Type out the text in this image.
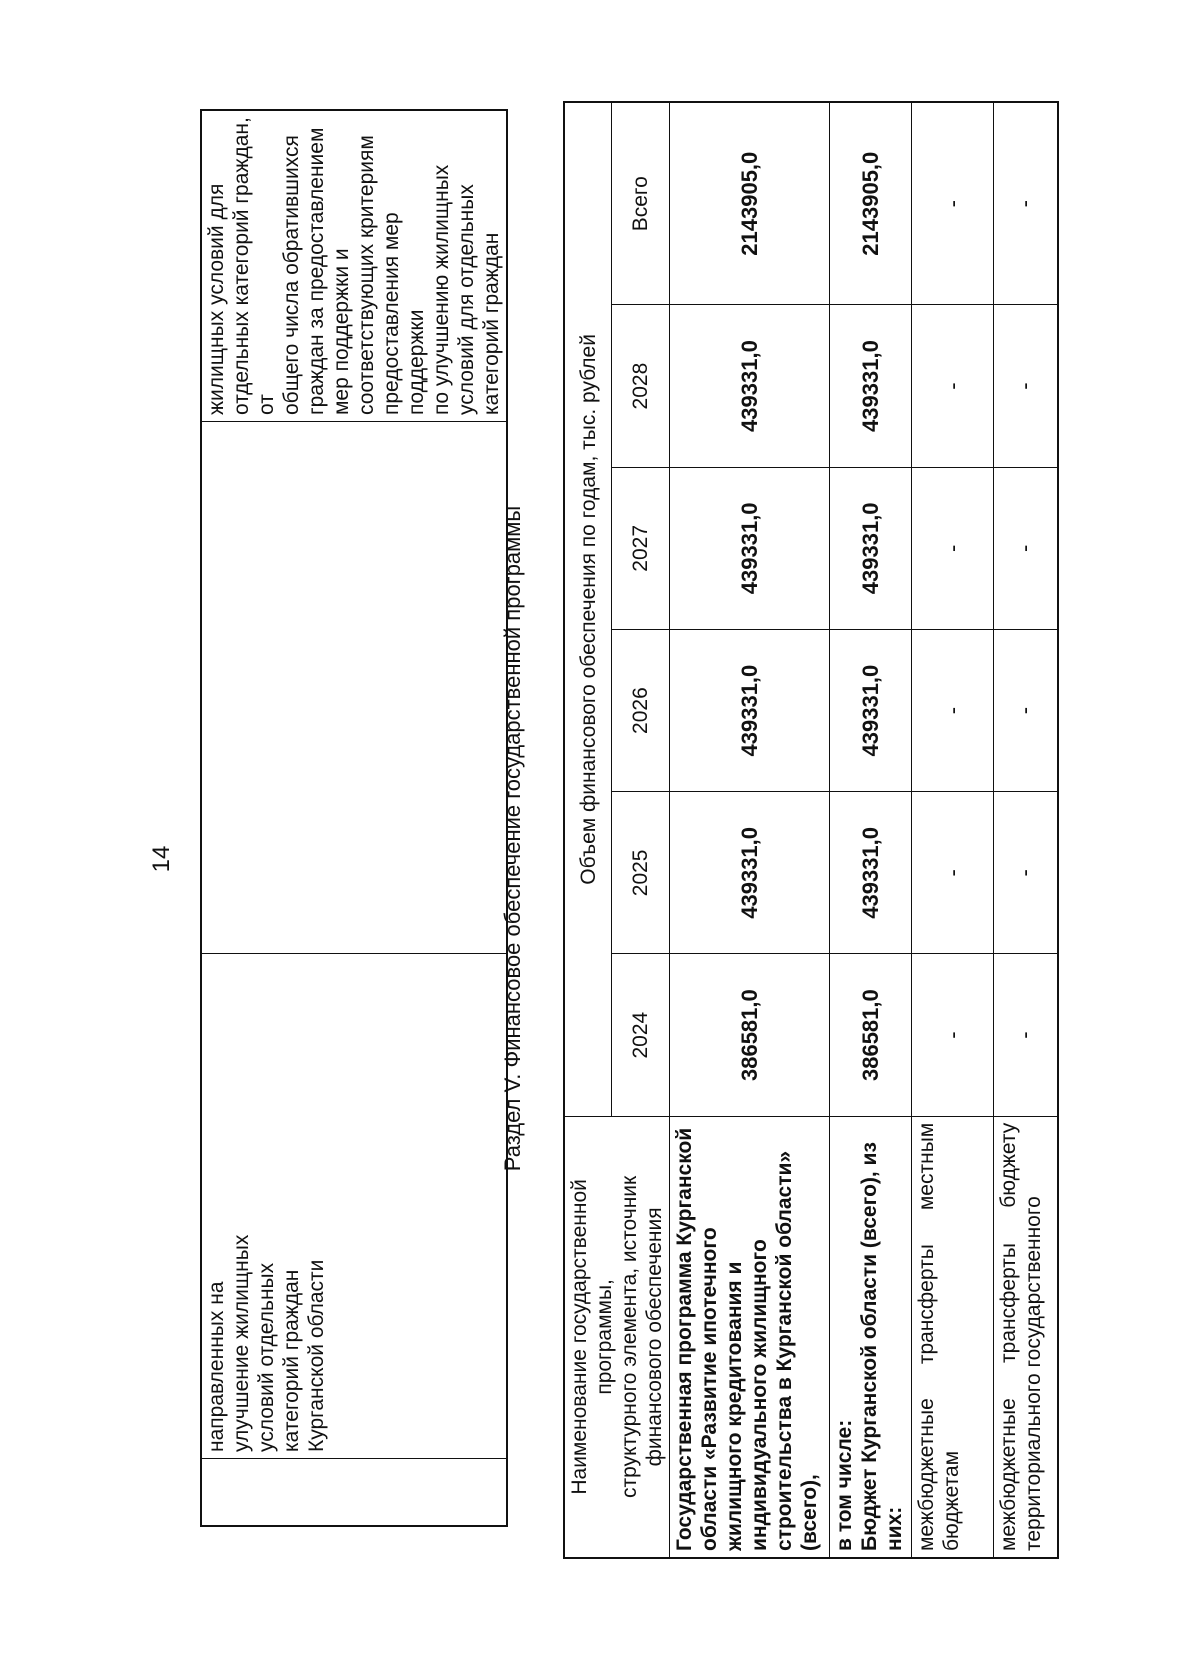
14

направленных на
улучшение жилищных
условий отдельных
категорий граждан
Курганской области

жилищных условий для
отдельных категорий граждан, от
общего числа обратившихся
граждан за предоставлением
мер поддержки и
соответствующих критериям
предоставления мер поддержки
по улучшению жилищных
условий для отдельных
категорий граждан
Раздел V. Финансовое обеспечение государственной программы
Наименование государственной программы,
структурного элемента, источник
финансового обеспечения	Объем финансового обеспечения по годам, тыс. рублей					
	2024	2025	2026	2027	2028	Всего
Государственная программа Курганской области «Развитие ипотечного жилищного кредитования и индивидуального жилищного строительства в Курганской области» (всего),	386581,0	439331,0	439331,0	439331,0	439331,0	2143905,0

в том числе: Бюджет Курганской области (всего), из них:	386581,0	439331,0	439331,0	439331,0	439331,0	2143905,0
межбюджетные трансферты местным бюджетам	-	-	-	-	-	-
межбюджетные трансферты бюджету территориального государственного	-	-	-	-	-	-
